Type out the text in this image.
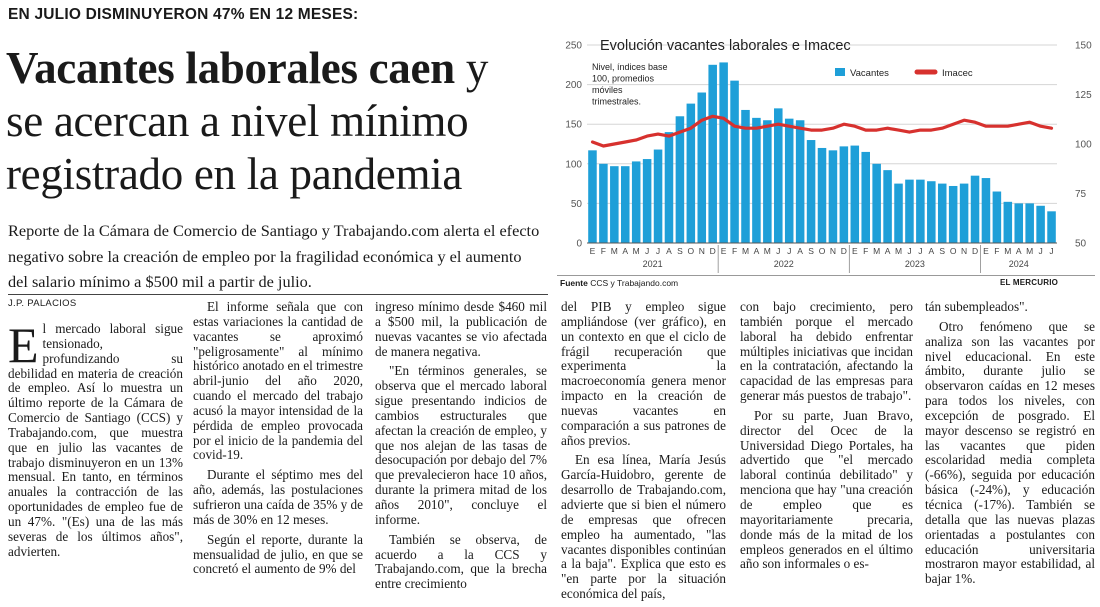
EN JULIO DISMINUYERON 47% EN 12 MESES:
Vacantes laborales caen y
se acercan a nivel mínimo
registrado en la pandemia
Reporte de la Cámara de Comercio de Santiago y Trabajando.com alerta el efecto negativo sobre la creación de empleo por la fragilidad económica y el aumento del salario mínimo a $500 mil a partir de julio.
J.P. PALACIOS

El mercado laboral sigue tensionado, profundizando su debilidad en materia de creación de empleo. Así lo muestra un último reporte de la Cámara de Comercio de Santiago (CCS) y Trabajando.com, que muestra que en julio las vacantes de trabajo disminuyeron en un 13% mensual. En tanto, en términos anuales la contracción de las oportunidades de empleo fue de un 47%. "(Es) una de las más severas de los últimos años", advierten.

El informe señala que con estas variaciones la cantidad de vacantes se aproximó "peligrosamente" al mínimo histórico anotado en el trimestre abril-junio del año 2020, cuando el mercado del trabajo acusó la mayor intensidad de la pérdida de empleo provocada por el inicio de la pandemia del covid-19.

Durante el séptimo mes del año, además, las postulaciones sufrieron una caída de 35% y de más de 30% en 12 meses.

Según el reporte, durante la mensualidad de julio, en que se concretó el aumento de 9% del

ingreso mínimo desde $460 mil a $500 mil, la publicación de nuevas vacantes se vio afectada de manera negativa.

"En términos generales, se observa que el mercado laboral sigue presentando indicios de cambios estructurales que afectan la creación de empleo, y que nos alejan de las tasas de desocupación por debajo del 7% que prevalecieron hace 10 años, durante la primera mitad de los años 2010", concluye el informe.

También se observa, de acuerdo a la CCS y Trabajando.com, que la brecha entre crecimiento

del PIB y empleo sigue ampliándose (ver gráfico), en un contexto en que el ciclo de frágil recuperación que experimenta la macroeconomía genera menor impacto en la creación de nuevas vacantes en comparación a sus patrones de años previos.

En esa línea, María Jesús García-Huidobro, gerente de desarrollo de Trabajando.com, advierte que si bien el número de empresas que ofrecen empleo ha aumentado, "las vacantes disponibles continúan a la baja". Explica que esto es "en parte por la situación económica del país,

con bajo crecimiento, pero también porque el mercado laboral ha debido enfrentar múltiples iniciativas que incidan en la contratación, afectando la capacidad de las empresas para generar más puestos de trabajo".

Por su parte, Juan Bravo, director del Ocec de la Universidad Diego Portales, ha advertido que "el mercado laboral continúa debilitado" y menciona que hay "una creación de empleo que es mayoritariamente precaria, donde más de la mitad de los empleos generados en el último año son informales o es-

tán subempleados".

Otro fenómeno que se analiza son las vacantes por nivel educacional. En este ámbito, durante julio se observaron caídas en 12 meses para todos los niveles, con excepción de posgrado. El mayor descenso se registró en las vacantes que piden escolaridad media completa (-66%), seguida por educación básica (-24%), y educación técnica (-17%). También se detalla que las nuevas plazas orientadas a postulantes con educación universitaria mostraron mayor estabilidad, al bajar 1%.

0
50
100
150
200
250
50
75
100
125
150
E F M A M J J A S O N D E F M A M J J A S O N D E F M A M J J A S O N D E F M A M J J
2021	2022	2023	2024
Evolución vacantes laborales e Imacec
Nivel, índices base
100, promedios
móviles
trimestrales.
Vacantes	Imacec
Fuente CCS y Trabajando.com	EL MERCURIO
